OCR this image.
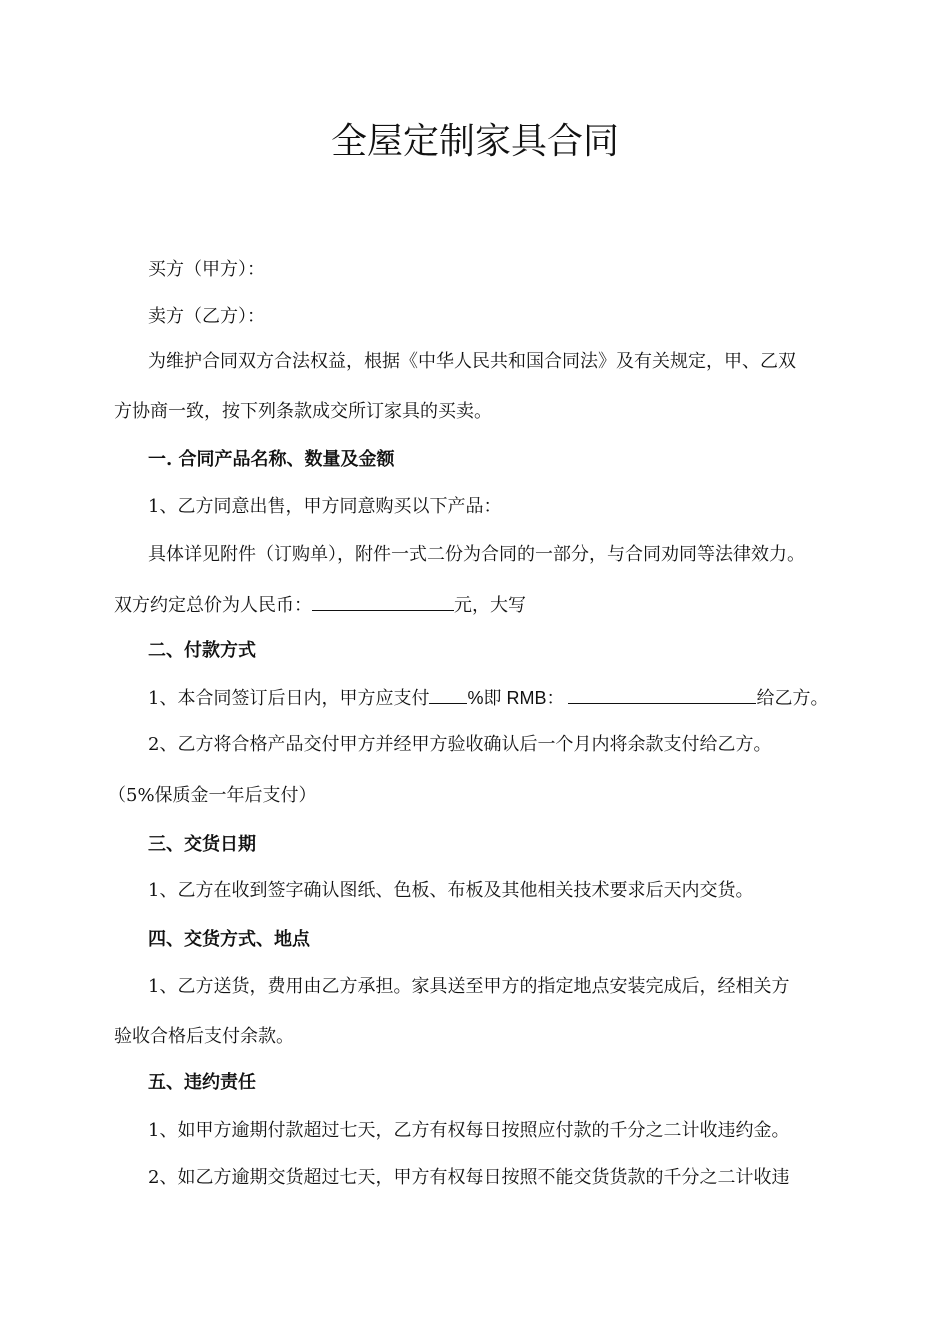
全屋定制家具合同
买方（甲方）：
卖方（乙方）：
为维护合同双方合法权益，根据《中华人民共和国合同法》及有关规定，甲、乙双
方协商一致，按下列条款成交所订家具的买卖。
一. 合同产品名称、数量及金额
1、乙方同意出售，甲方同意购买以下产品：
具体详见附件（订购单），附件一式二份为合同的一部分，与合同劝同等法律效力。
双方约定总价为人民币：	元，大写
二、付款方式
1、本合同签订后日内，甲方应支付 %即 RMB：	给乙方。
2、乙方将合格产品交付甲方并经甲方验收确认后一个月内将余款支付给乙方。
（5%保质金一年后支付）
三、交货日期
1、乙方在收到签字确认图纸、色板、布板及其他相关技术要求后天内交货。
四、交货方式、地点
1、乙方送货，费用由乙方承担。家具送至甲方的指定地点安装完成后，经相关方
验收合格后支付余款。
五、违约责任
1、如甲方逾期付款超过七天，乙方有权每日按照应付款的千分之二计收违约金。
2、如乙方逾期交货超过七天，甲方有权每日按照不能交货货款的千分之二计收违
